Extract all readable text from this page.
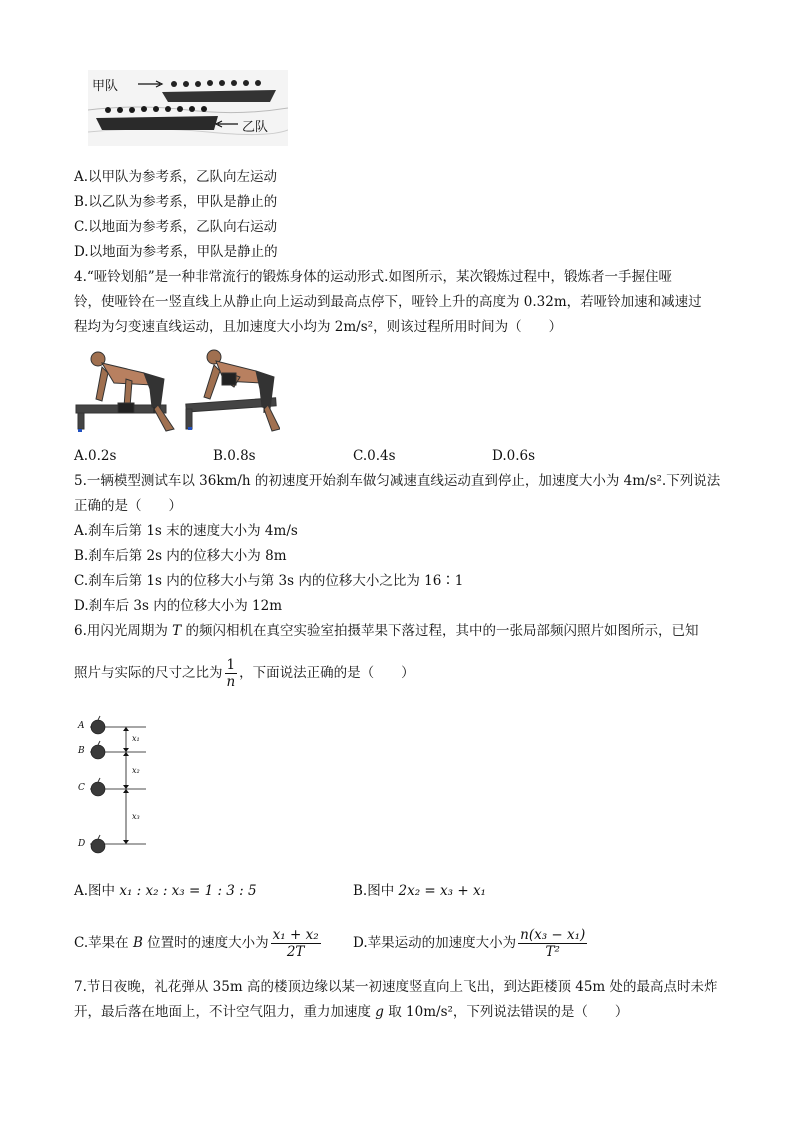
甲队
乙队
A.以甲队为参考系，乙队向左运动
B.以乙队为参考系，甲队是静止的
C.以地面为参考系，乙队向右运动
D.以地面为参考系，甲队是静止的
4.“哑铃划船”是一种非常流行的锻炼身体的运动形式.如图所示，某次锻炼过程中，锻炼者一手握住哑
铃，使哑铃在一竖直线上从静止向上运动到最高点停下，哑铃上升的高度为 0.32m，若哑铃加速和减速过
程均为匀变速直线运动，且加速度大小均为 2m/s²，则该过程所用时间为（　　）
A.0.2s	B.0.8s	C.0.4s	D.0.6s
5.一辆模型测试车以 36km/h 的初速度开始刹车做匀减速直线运动直到停止，加速度大小为 4m/s².下列说法
正确的是（　　）
A.刹车后第 1s 末的速度大小为 4m/s
B.刹车后第 2s 内的位移大小为 8m
C.刹车后第 1s 内的位移大小与第 3s 内的位移大小之比为 16∶1
D.刹车后 3s 内的位移大小为 12m
6.用闪光周期为 T 的频闪相机在真空实验室拍摄苹果下落过程，其中的一张局部频闪照片如图所示，已知
照片与实际的尺寸之比为 $\frac{1}{n}$ ，下面说法正确的是（　　）
A
B
C
D
x₁
x₂
x₃
A.图中 x₁ : x₂ : x₃ = 1 : 3 : 5	B.图中 2x₂ = x₃ + x₁
C.苹果在 B 位置时的速度大小为 $\frac{\text{x₁ + x₂}}{2T} D$.苹果运动的加速度大小为 $\frac{\text{n(x₃ − x₁)}}{\text{T²}}$
7.节日夜晚，礼花弹从 35m 高的楼顶边缘以某一初速度竖直向上飞出，到达距楼顶 45m 处的最高点时未炸
开，最后落在地面上，不计空气阻力，重力加速度 g 取 10m/s²，下列说法错误的是（　　）
